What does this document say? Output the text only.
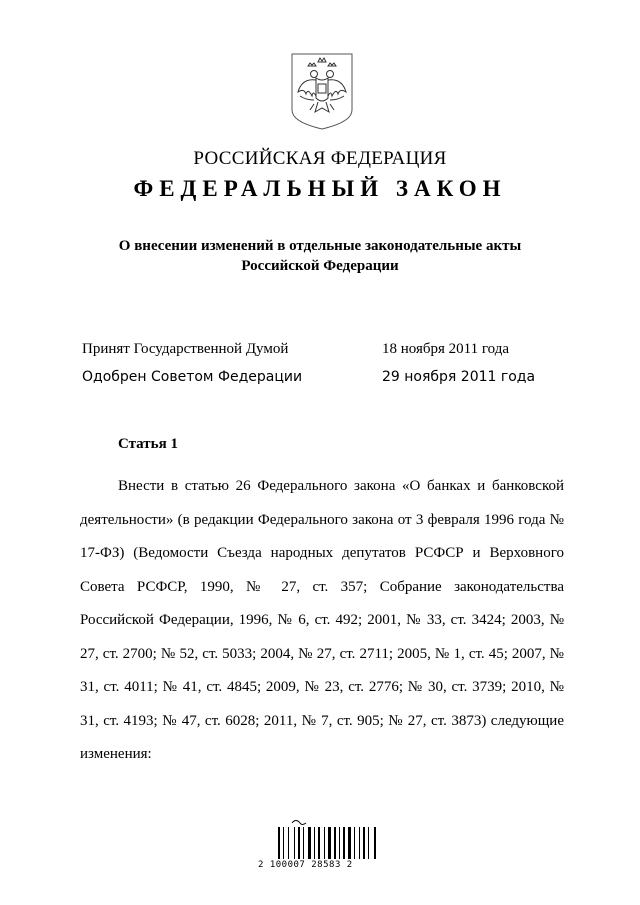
РОССИЙСКАЯ ФЕДЕРАЦИЯ
ФЕДЕРАЛЬНЫЙ ЗАКОН
О внесении изменений в отдельные законодательные акты
Российской Федерации
Принят Государственной Думой	18 ноября 2011 года
Одобрен Советом Федерации	29 ноября 2011 года
Статья 1

Внести в статью 26 Федерального закона «О банках и банковской деятельности» (в редакции Федерального закона от 3 февраля 1996 года № 17-ФЗ) (Ведомости Съезда народных депутатов РСФСР и Верховного Совета РСФСР, 1990, № 27, ст. 357; Собрание законодательства Российской Федерации, 1996, № 6, ст. 492; 2001, № 33, ст. 3424; 2003, № 27, ст. 2700; № 52, ст. 5033; 2004, № 27, ст. 2711; 2005, № 1, ст. 45; 2007, № 31, ст. 4011; № 41, ст. 4845; 2009, № 23, ст. 2776; № 30, ст. 3739; 2010, № 31, ст. 4193; № 47, ст. 6028; 2011, № 7, ст. 905; № 27, ст. 3873) следующие изменения:

2 100007 28583 2
